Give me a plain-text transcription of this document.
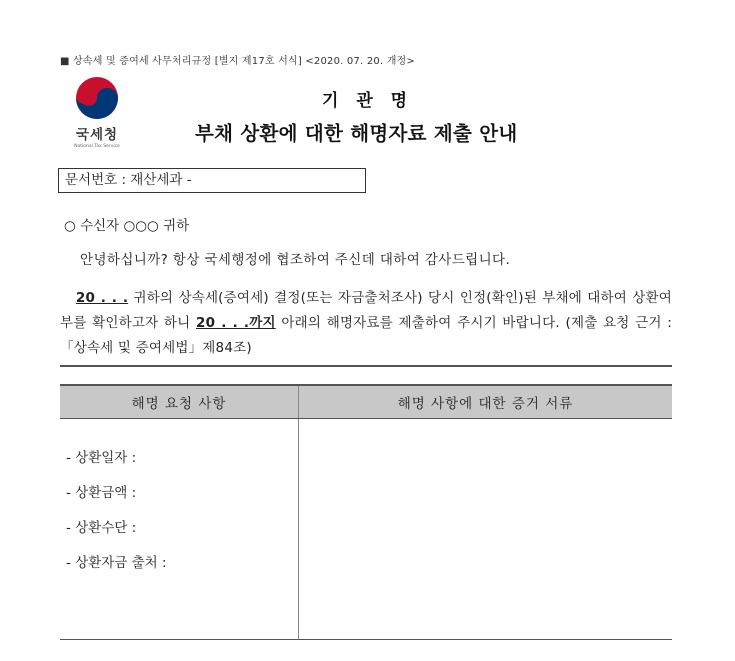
■ 상속세 및 증여세 사무처리규정 [별지 제17호 서식] <2020. 07. 20. 개정>
국세청
National Tax Service
기 관 명
부채 상환에 대한 해명자료 제출 안내
문서번호 : 재산세과 -
○ 수신자 ○○○ 귀하
안녕하십니까? 항상 국세행정에 협조하여 주신데 대하여 감사드립니다.
20 . . . 귀하의 상속세(증여세) 결정(또는 자금출처조사) 당시 인정(확인)된 부채에 대하여 상환여부를 확인하고자 하니 20 . . .까지 아래의 해명자료를 제출하여 주시기 바랍니다. (제출 요청 근거 :「상속세 및 증여세법」제84조)
해명 요청 사항	해명 사항에 대한 증거 서류

- 상환일자 :
- 상환금액 :
- 상환수단 :
- 상환자금 출처 :	
